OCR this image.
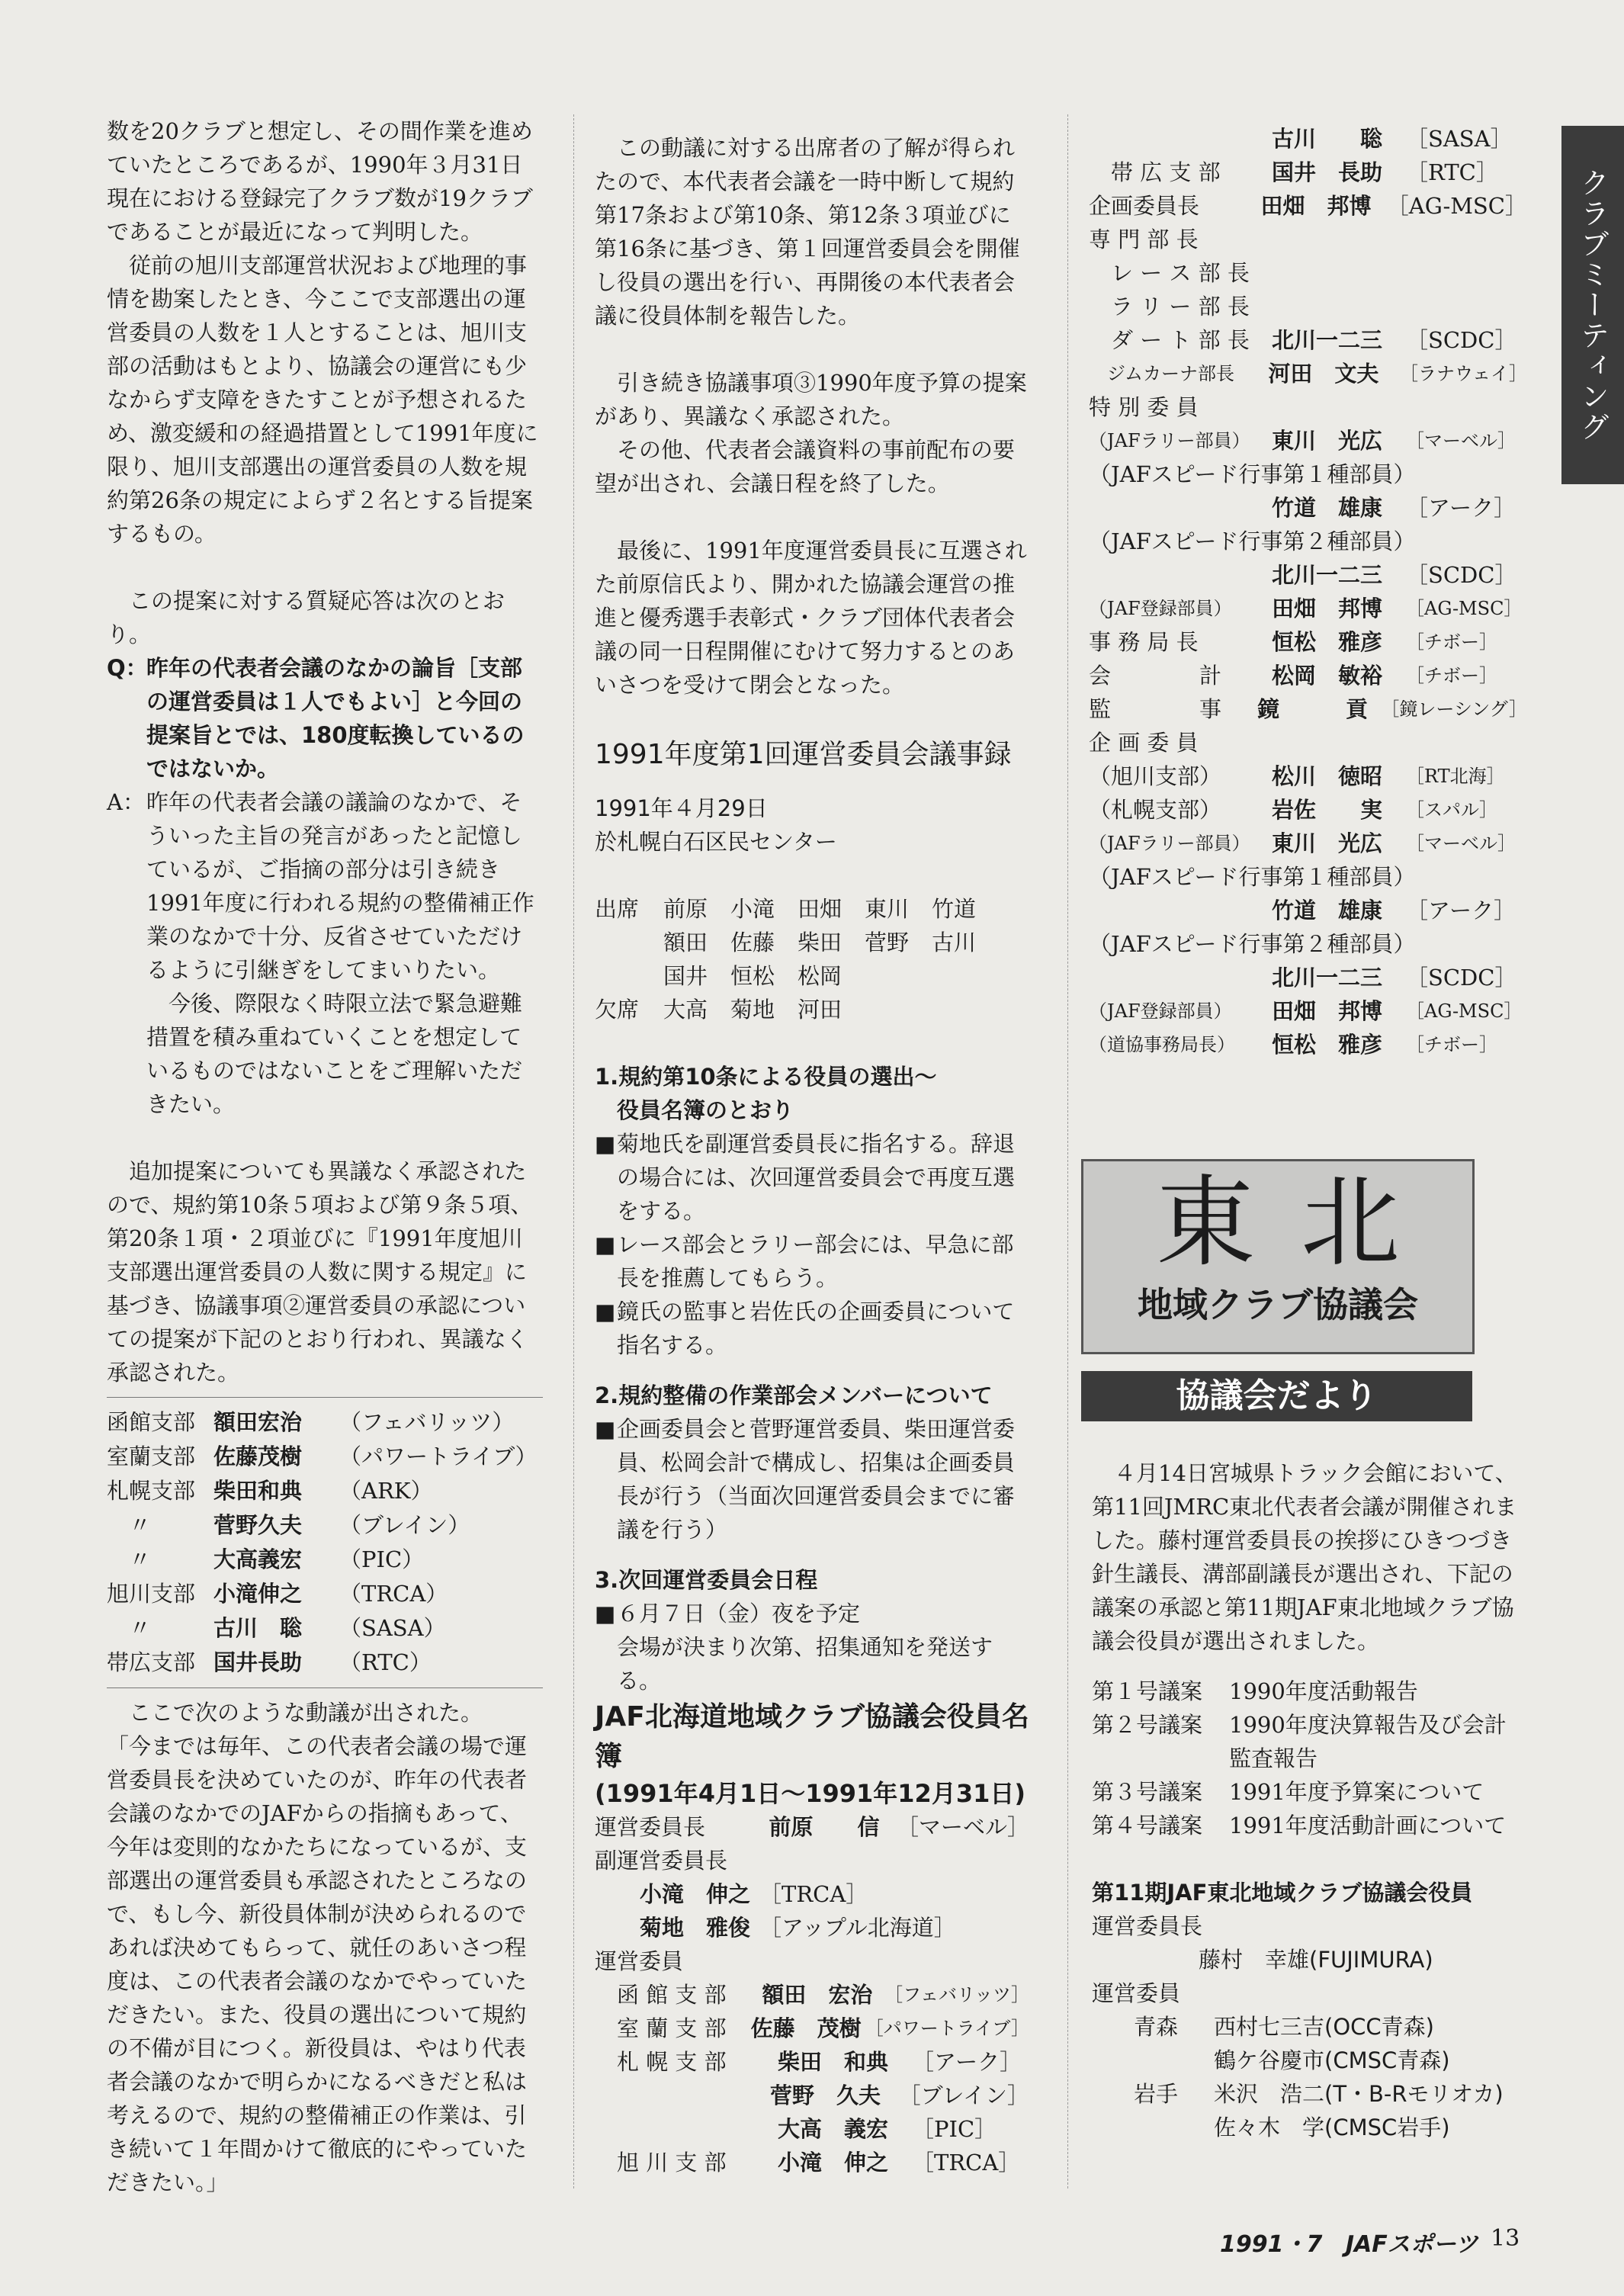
クラブミーティング

数を20クラブと想定し、その間作業を進めていたところであるが、1990年３月31日現在における登録完了クラブ数が19クラブであることが最近になって判明した。

従前の旭川支部運営状況および地理的事情を勘案したとき、今ここで支部選出の運営委員の人数を１人とすることは、旭川支部の活動はもとより、協議会の運営にも少なからず支障をきたすことが予想されるため、激変緩和の経過措置として1991年度に限り、旭川支部選出の運営委員の人数を規約第26条の規定によらず２名とする旨提案するもの。

この提案に対する質疑応答は次のとおり。

Q：
昨年の代表者会議のなかの論旨［支部の運営委員は１人でもよい］と今回の提案旨とでは、180度転換しているのではないか。
A： 昨年の代表者会議の議論のなかで、そういった主旨の発言があったと記憶しているが、ご指摘の部分は引き続き1991年度に行われる規約の整備補正作業のなかで十分、反省させていただけるように引継ぎをしてまいりたい。

今後、際限なく時限立法で緊急避難措置を積み重ねていくことを想定しているものではないことをご理解いただきたい。

追加提案についても異議なく承認されたので、規約第10条５項および第９条５項、第20条１項・２項並びに『1991年度旭川支部選出運営委員の人数に関する規定』に基づき、協議事項②運営委員の承認についての提案が下記のとおり行われ、異議なく承認された。

函館支部 額田宏治	（フェバリッツ）
室蘭支部 佐藤茂樹	（パワートライブ）
札幌支部 柴田和典	（ARK）
　〃	菅野久夫	（ブレイン）
　〃	大高義宏	（PIC）
旭川支部 小滝伸之	（TRCA）
　〃	古川　聡	（SASA）
帯広支部 国井長助	（RTC）

ここで次のような動議が出された。

「今までは毎年、この代表者会議の場で運営委員長を決めていたのが、昨年の代表者会議のなかでのJAFからの指摘もあって、今年は変則的なかたちになっているが、支部選出の運営委員も承認されたところなので、もし今、新役員体制が決められるのであれば決めてもらって、就任のあいさつ程度は、この代表者会議のなかでやっていただきたい。また、役員の選出について規約の不備が目につく。新役員は、やはり代表者会議のなかで明らかになるべきだと私は考えるので、規約の整備補正の作業は、引き続いて１年間かけて徹底的にやっていただきたい。」

この動議に対する出席者の了解が得られたので、本代表者会議を一時中断して規約第17条および第10条、第12条３項並びに第16条に基づき、第１回運営委員会を開催し役員の選出を行い、再開後の本代表者会議に役員体制を報告した。

引き続き協議事項③1990年度予算の提案があり、異議なく承認された。

その他、代表者会議資料の事前配布の要望が出され、会議日程を終了した。

最後に、1991年度運営委員長に互選された前原信氏より、開かれた協議会運営の推進と優秀選手表彰式・クラブ団体代表者会議の同一日程開催にむけて努力するとのあいさつを受けて閉会となった。

1991年度第1回運営委員会議事録

1991年４月29日

於札幌白石区民センター

出席	前原	小滝	田畑	東川	竹道
額田	佐藤	柴田	菅野	古川
国井	恒松	松岡
欠席	大高	菊地	河田

1.規約第10条による役員の選出〜

役員名簿のとおり

■ 菊地氏を副運営委員長に指名する。辞退の場合には、次回運営委員会で再度互選をする。
■ レース部会とラリー部会には、早急に部長を推薦してもらう。
■ 鏡氏の監事と岩佐氏の企画委員について指名する。

2.規約整備の作業部会メンバーについて

■ 企画委員会と菅野運営委員、柴田運営委員、松岡会計で構成し、招集は企画委員長が行う（当面次回運営委員会までに審議を行う）

3.次回運営委員会日程

■ ６月７日（金）夜を予定

会場が決まり次第、招集通知を発送する。

JAF北海道地域クラブ協議会役員名簿
(1991年4月1日〜1991年12月31日)
運営委員長	前原　　信 ［マーベル］
副運営委員長
　小滝　伸之 ［TRCA］
　菊地　雅俊 ［アップル北海道］
運営委員
　函 館 支 部	額田　宏治 ［フェバリッツ］
　室 蘭 支 部	佐藤　茂樹 ［パワートライブ］
　札 幌 支 部	柴田　和典	［アーク］
菅野　久夫 ［ブレイン］
大高　義宏	［PIC］
　旭 川 支 部	小滝　伸之	［TRCA］
古川　　聡	［SASA］
　帯 広 支 部	国井　長助	［RTC］
企画委員長	田畑　邦博 ［AG-MSC］
専 門 部 長
　レ ー ス 部 長
　ラ リ ー 部 長
　ダ ー ト 部 長	北川一二三	［SCDC］
　ジムカーナ部長	河田　文夫	［ラナウェイ］
特 別 委 員
（JAFラリー部員） 東川　光広	［マーベル］
（JAFスピード行事第１種部員）
竹道　雄康	［アーク］
（JAFスピード行事第２種部員）
北川一二三	［SCDC］
（JAF登録部員）	田畑　邦博	［AG-MSC］
事 務 局 長	恒松　雅彦	［チボー］
会　　　　計	松岡　敏裕	［チボー］
監　　　　事	鏡　　　貢 ［鏡レーシング］
企 画 委 員
（旭川支部）	松川　徳昭	［RT北海］
（札幌支部）	岩佐　　実	［スパル］
（JAFラリー部員） 東川　光広	［マーベル］
（JAFスピード行事第１種部員）
竹道　雄康	［アーク］
（JAFスピード行事第２種部員）
北川一二三	［SCDC］
（JAF登録部員）	田畑　邦博	［AG-MSC］
（道協事務局長）	恒松　雅彦	［チボー］
東北
地域クラブ協議会
協議会だより

４月14日宮城県トラック会館において、第11回JMRC東北代表者会議が開催されました。藤村運営委員長の挨拶にひきつづき針生議長、溝部副議長が選出され、下記の議案の承認と第11期JAF東北地域クラブ協議会役員が選出されました。

第１号議案	1990年度活動報告
第２号議案	1990年度決算報告及び会計監査報告
第３号議案	1991年度予算案について
第４号議案	1991年度活動計画について

第11期JAF東北地域クラブ協議会役員

運営委員長

藤村　幸雄(FUJIMURA)

運営委員

青森	西村七三吉(OCC青森)
鶴ケ谷慶市(CMSC青森)
岩手	米沢　浩二(T・B-Rモリオカ)
佐々木　学(CMSC岩手)
1991・7 JAFスポーツ 13
